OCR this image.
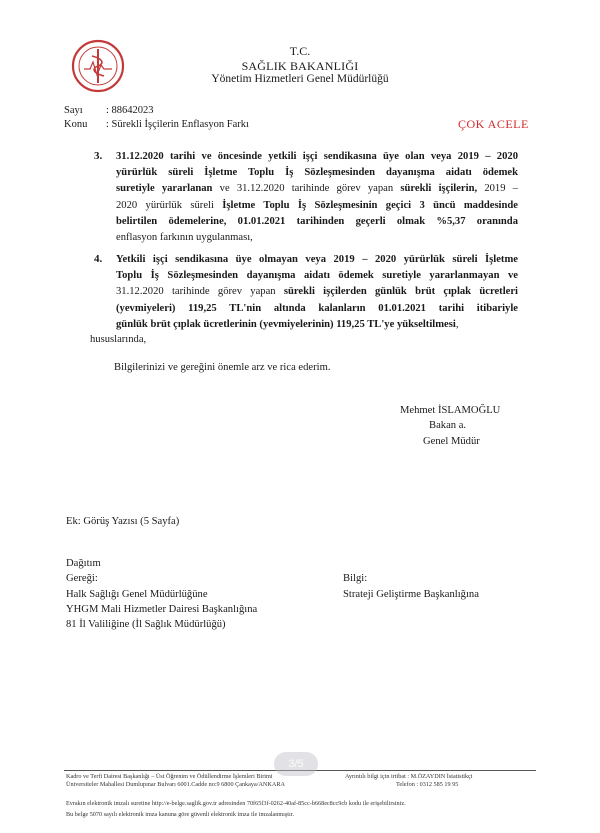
T.C.
SAĞLIK BAKANLIĞI
Yönetim Hizmetleri Genel Müdürlüğü
Sayı : 88642023
Konu : Sürekli İşçilerin Enflasyon Farkı	ÇOK ACELE
3. 31.12.2020 tarihi ve öncesinde yetkili işçi sendikasına üye olan veya 2019 – 2020
yürürlük süreli İşletme Toplu İş Sözleşmesinden dayanışma aidatı ödemek
suretiyle yararlanan ve 31.12.2020 tarihinde görev yapan sürekli işçilerin, 2019 –
2020 yürürlük süreli İşletme Toplu İş Sözleşmesinin geçici 3 üncü maddesinde
belirtilen ödemelerine, 01.01.2021 tarihinden geçerli olmak %5,37 oranında
enflasyon farkının uygulanması,
4. Yetkili işçi sendikasına üye olmayan veya 2019 – 2020 yürürlük süreli İşletme
Toplu İş Sözleşmesinden dayanışma aidatı ödemek suretiyle yararlanmayan ve
31.12.2020 tarihinde görev yapan sürekli işçilerden günlük brüt çıplak ücretleri
(yevmiyeleri) 119,25 TL'nin altında kalanların 01.01.2021 tarihi itibariyle
günlük brüt çıplak ücretlerinin (yevmiyelerinin) 119,25 TL'ye yükseltilmesi,
hususlarında,
Bilgilerinizi ve gereğini önemle arz ve rica ederim.
Mehmet İSLAMOĞLU
Bakan a.
Genel Müdür
Ek: Görüş Yazısı (5 Sayfa)
Dağıtım
Gereği:
Halk Sağlığı Genel Müdürlüğüne
YHGM Mali Hizmetler Dairesi Başkanlığına
81 İl Valiliğine (İl Sağlık Müdürlüğü)
Bilgi:
Strateji Geliştirme Başkanlığına
Kadro ve Terfi Dairesi Başkanlığı – Üst Öğrenim ve Ödüllendirme İşlemleri Birimi
Üniversiteler Mahallesi Dumlupınar Bulvarı 6001.Cadde no:9 6800 Çankaya/ANKARA
Ayrıntılı bilgi için irtibat : M.ÖZAYDIN İstatistikçi
Telefon : 0312 585 19 95
Evrakın elektronik imzalı suretine http://e-belge.saglik.gov.tr adresinden 70f65f3f-0262-40af-85cc-b668ec8cc9cb kodu ile erişebilirsiniz.
Bu belge 5070 sayılı elektronik imza kanuna göre güvenli elektronik imza ile imzalanmıştır.
3/5
